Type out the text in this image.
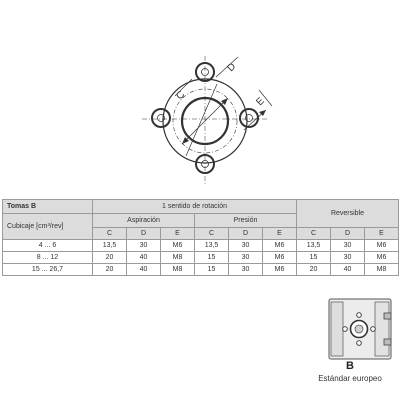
C
D
E
Tomas B	1 sentido de rotación						Reversible		
Cubicaje [cm³/rev]	Aspiración			Presión					
	C	D	E	C	D	E	C	D	E
4 ... 6	13,5	30	M6	13,5	30	M6	13,5	30	M6
8 ... 12	20	40	M8	15	30	M6	15	30	M6
15 ... 26,7	20	40	M8	15	30	M6	20	40	M8
B
Estándar europeo
